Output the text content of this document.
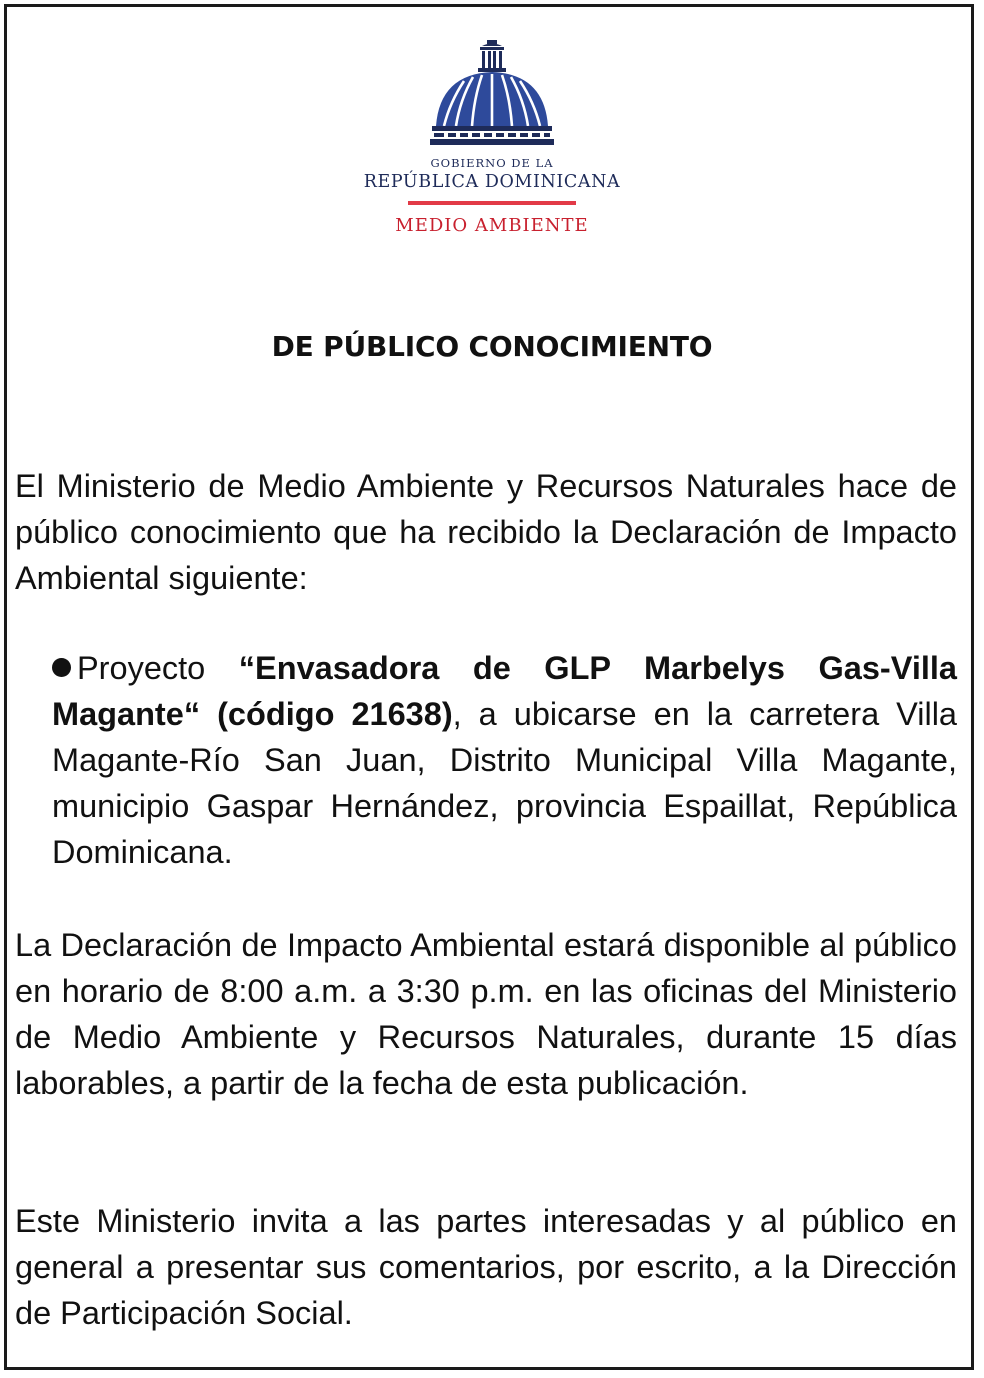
GOBIERNO DE LA
REPÚBLICA DOMINICANA
MEDIO AMBIENTE
DE PÚBLICO CONOCIMIENTO
El Ministerio de Medio Ambiente y Recursos Naturales hace de público conocimiento que ha recibido la Declaración de Impacto Ambiental siguiente:
Proyecto “Envasadora de GLP Marbelys Gas-Villa Magante“ (código 21638), a ubicarse en la carretera Villa Magante-Río San Juan, Distrito Municipal Villa Magante, municipio Gaspar Hernández, provincia Espaillat, República Dominicana.
La Declaración de Impacto Ambiental estará disponible al público en horario de 8:00 a.m. a 3:30 p.m. en las oficinas del Ministerio de Medio Ambiente y Recursos Naturales, durante 15 días laborables, a partir de la fecha de esta publicación.
Este Ministerio invita a las partes interesadas y al público en general a presentar sus comentarios, por escrito, a la Dirección de Participación Social.
